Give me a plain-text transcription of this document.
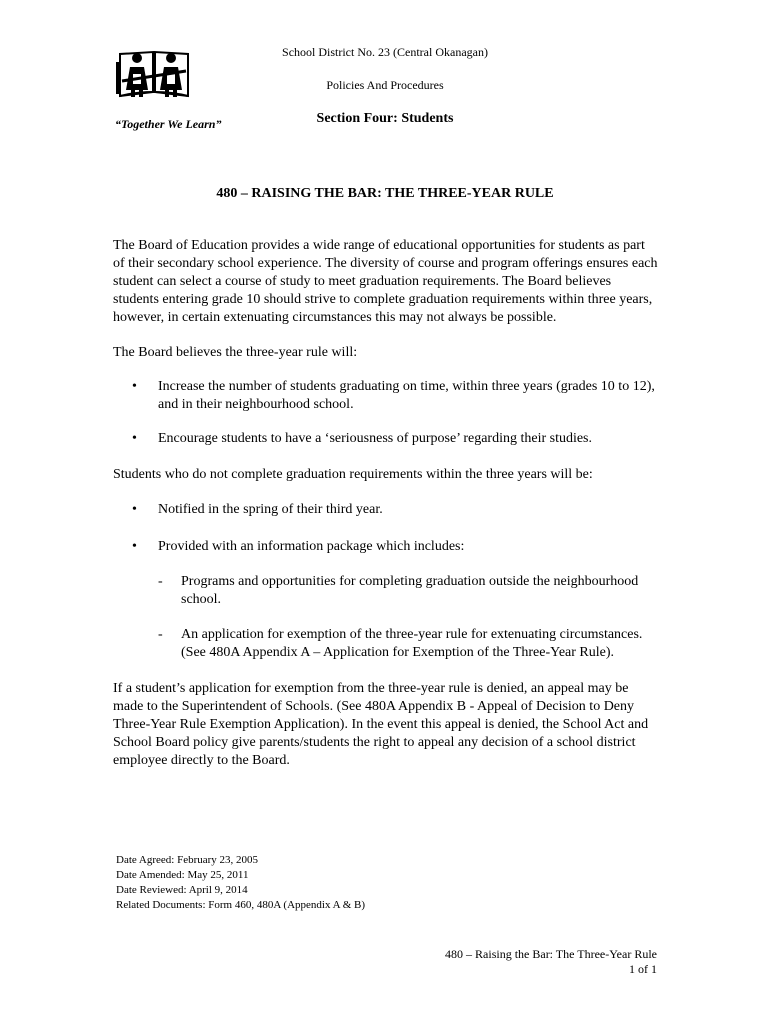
“Together We Learn”
School District No. 23 (Central Okanagan)
Policies And Procedures
Section Four: Students
480 – RAISING THE BAR: THE THREE-YEAR RULE

The Board of Education provides a wide range of educational opportunities for students as part of their secondary school experience. The diversity of course and program offerings ensures each student can select a course of study to meet graduation requirements. The Board believes students entering grade 10 should strive to complete graduation requirements within three years, however, in certain extenuating circumstances this may not always be possible.

The Board believes the three-year rule will:

• Increase the number of students graduating on time, within three years (grades 10 to 12), and in their neighbourhood school.
• Encourage students to have a ‘seriousness of purpose’ regarding their studies.

Students who do not complete graduation requirements within the three years will be:

• Notified in the spring of their third year.
• Provided with an information package which includes:
- Programs and opportunities for completing graduation outside the neighbourhood school.
- An application for exemption of the three-year rule for extenuating circumstances. (See 480A Appendix A – Application for Exemption of the Three-Year Rule).

If a student’s application for exemption from the three-year rule is denied, an appeal may be made to the Superintendent of Schools. (See 480A Appendix B - Appeal of Decision to Deny Three-Year Rule Exemption Application). In the event this appeal is denied, the School Act and School Board policy give parents/students the right to appeal any decision of a school district employee directly to the Board.

Date Agreed: February 23, 2005
Date Amended: May 25, 2011
Date Reviewed: April 9, 2014
Related Documents: Form 460, 480A (Appendix A & B)
480 – Raising the Bar: The Three-Year Rule
1 of 1
